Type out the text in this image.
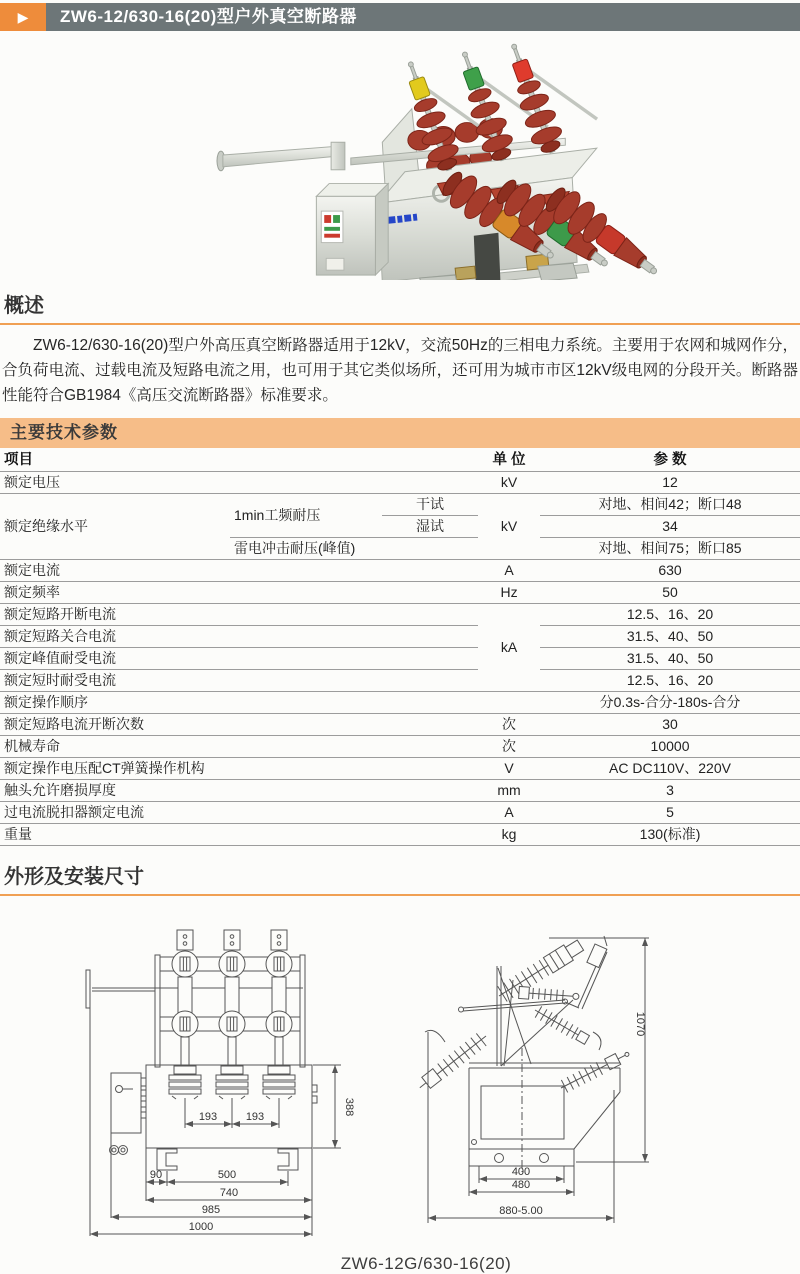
▶	ZW6-12/630-16(20)型户外真空断路器
概述
ZW6-12/630-16(20)型户外高压真空断路器适用于12kV，交流50Hz的三相电力系统。主要用于农网和城网作分，合负荷电流、过载电流及短路电流之用，也可用于其它类似场所，还可用为城市市区12kV级电网的分段开关。断路器性能符合GB1984《高压交流断路器》标准要求。
主要技术参数
项目			单 位	参 数
额定电压			kV	12
额定绝缘水平	1min工频耐压	干试	kV	对地、相间42；断口48
		湿试		34
	雷电冲击耐压(峰值)			对地、相间75；断口85
额定电流			A	630
额定频率			Hz	50
额定短路开断电流			kA	12.5、16、20
额定短路关合电流				31.5、40、50
额定峰值耐受电流				31.5、40、50
额定短时耐受电流				12.5、16、20
额定操作顺序				分0.3s-合分-180s-合分
额定短路电流开断次数			次	30
机械寿命			次	10000
额定操作电压配CT弹簧操作机构			V	AC DC110V、220V
触头允许磨损厚度			mm	3
过电流脱扣器额定电流			A	5
重量			kg	130(标准)
外形及安装尺寸
193	193
388
90	500
740
985
1000
1070
400
480
880-5.00
ZW6-12G/630-16(20)
